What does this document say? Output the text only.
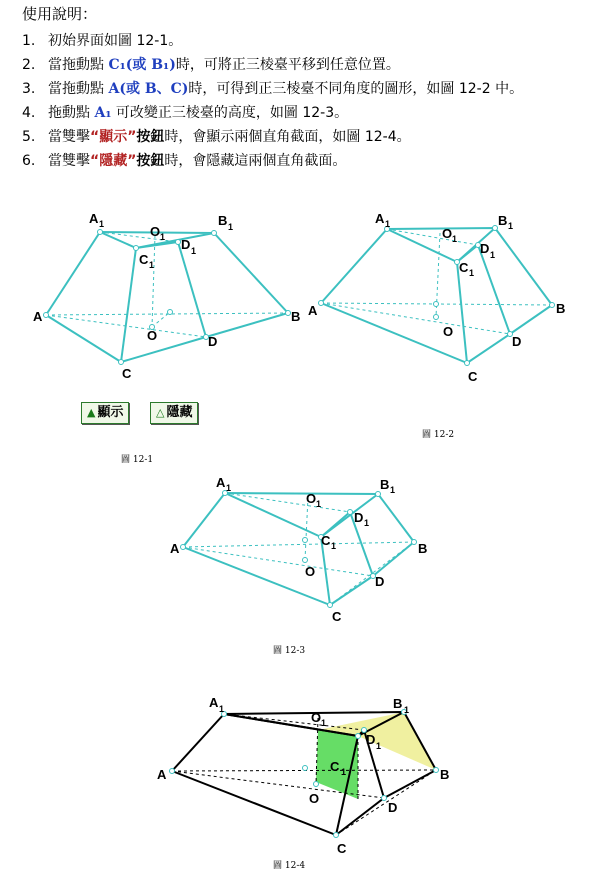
使用說明：
1. 初始界面如圖 12-1。
2. 當拖動點 C₁(或 B₁)時，可將正三棱臺平移到任意位置。
3. 當拖動點 A(或 B、C)時，可得到正三棱臺不同角度的圖形，如圖 12-2 中。
4. 拖動點 A₁ 可改變正三棱臺的高度，如圖 12-3。
5. 當雙擊“顯示”按鈕時，會顯示兩個直角截面，如圖 12-4。
6. 當雙擊“隱藏”按鈕時，會隱藏這兩個直角截面。
A 1	O 1
B 1
D 1
C 1
A	B
O	D
C
A 1
O 1
B 1
D 1
C 1
A	B
O
D
C
▲ 顯示	△ 隱藏
圖 12-2
圖 12-1
A 1
O 1
B 1
D 1
C 1
A	B
O
D
C
圖 12-3
A 1
O 1
B 1
D 1
C 1
A	B
O
D
C
圖 12-4
